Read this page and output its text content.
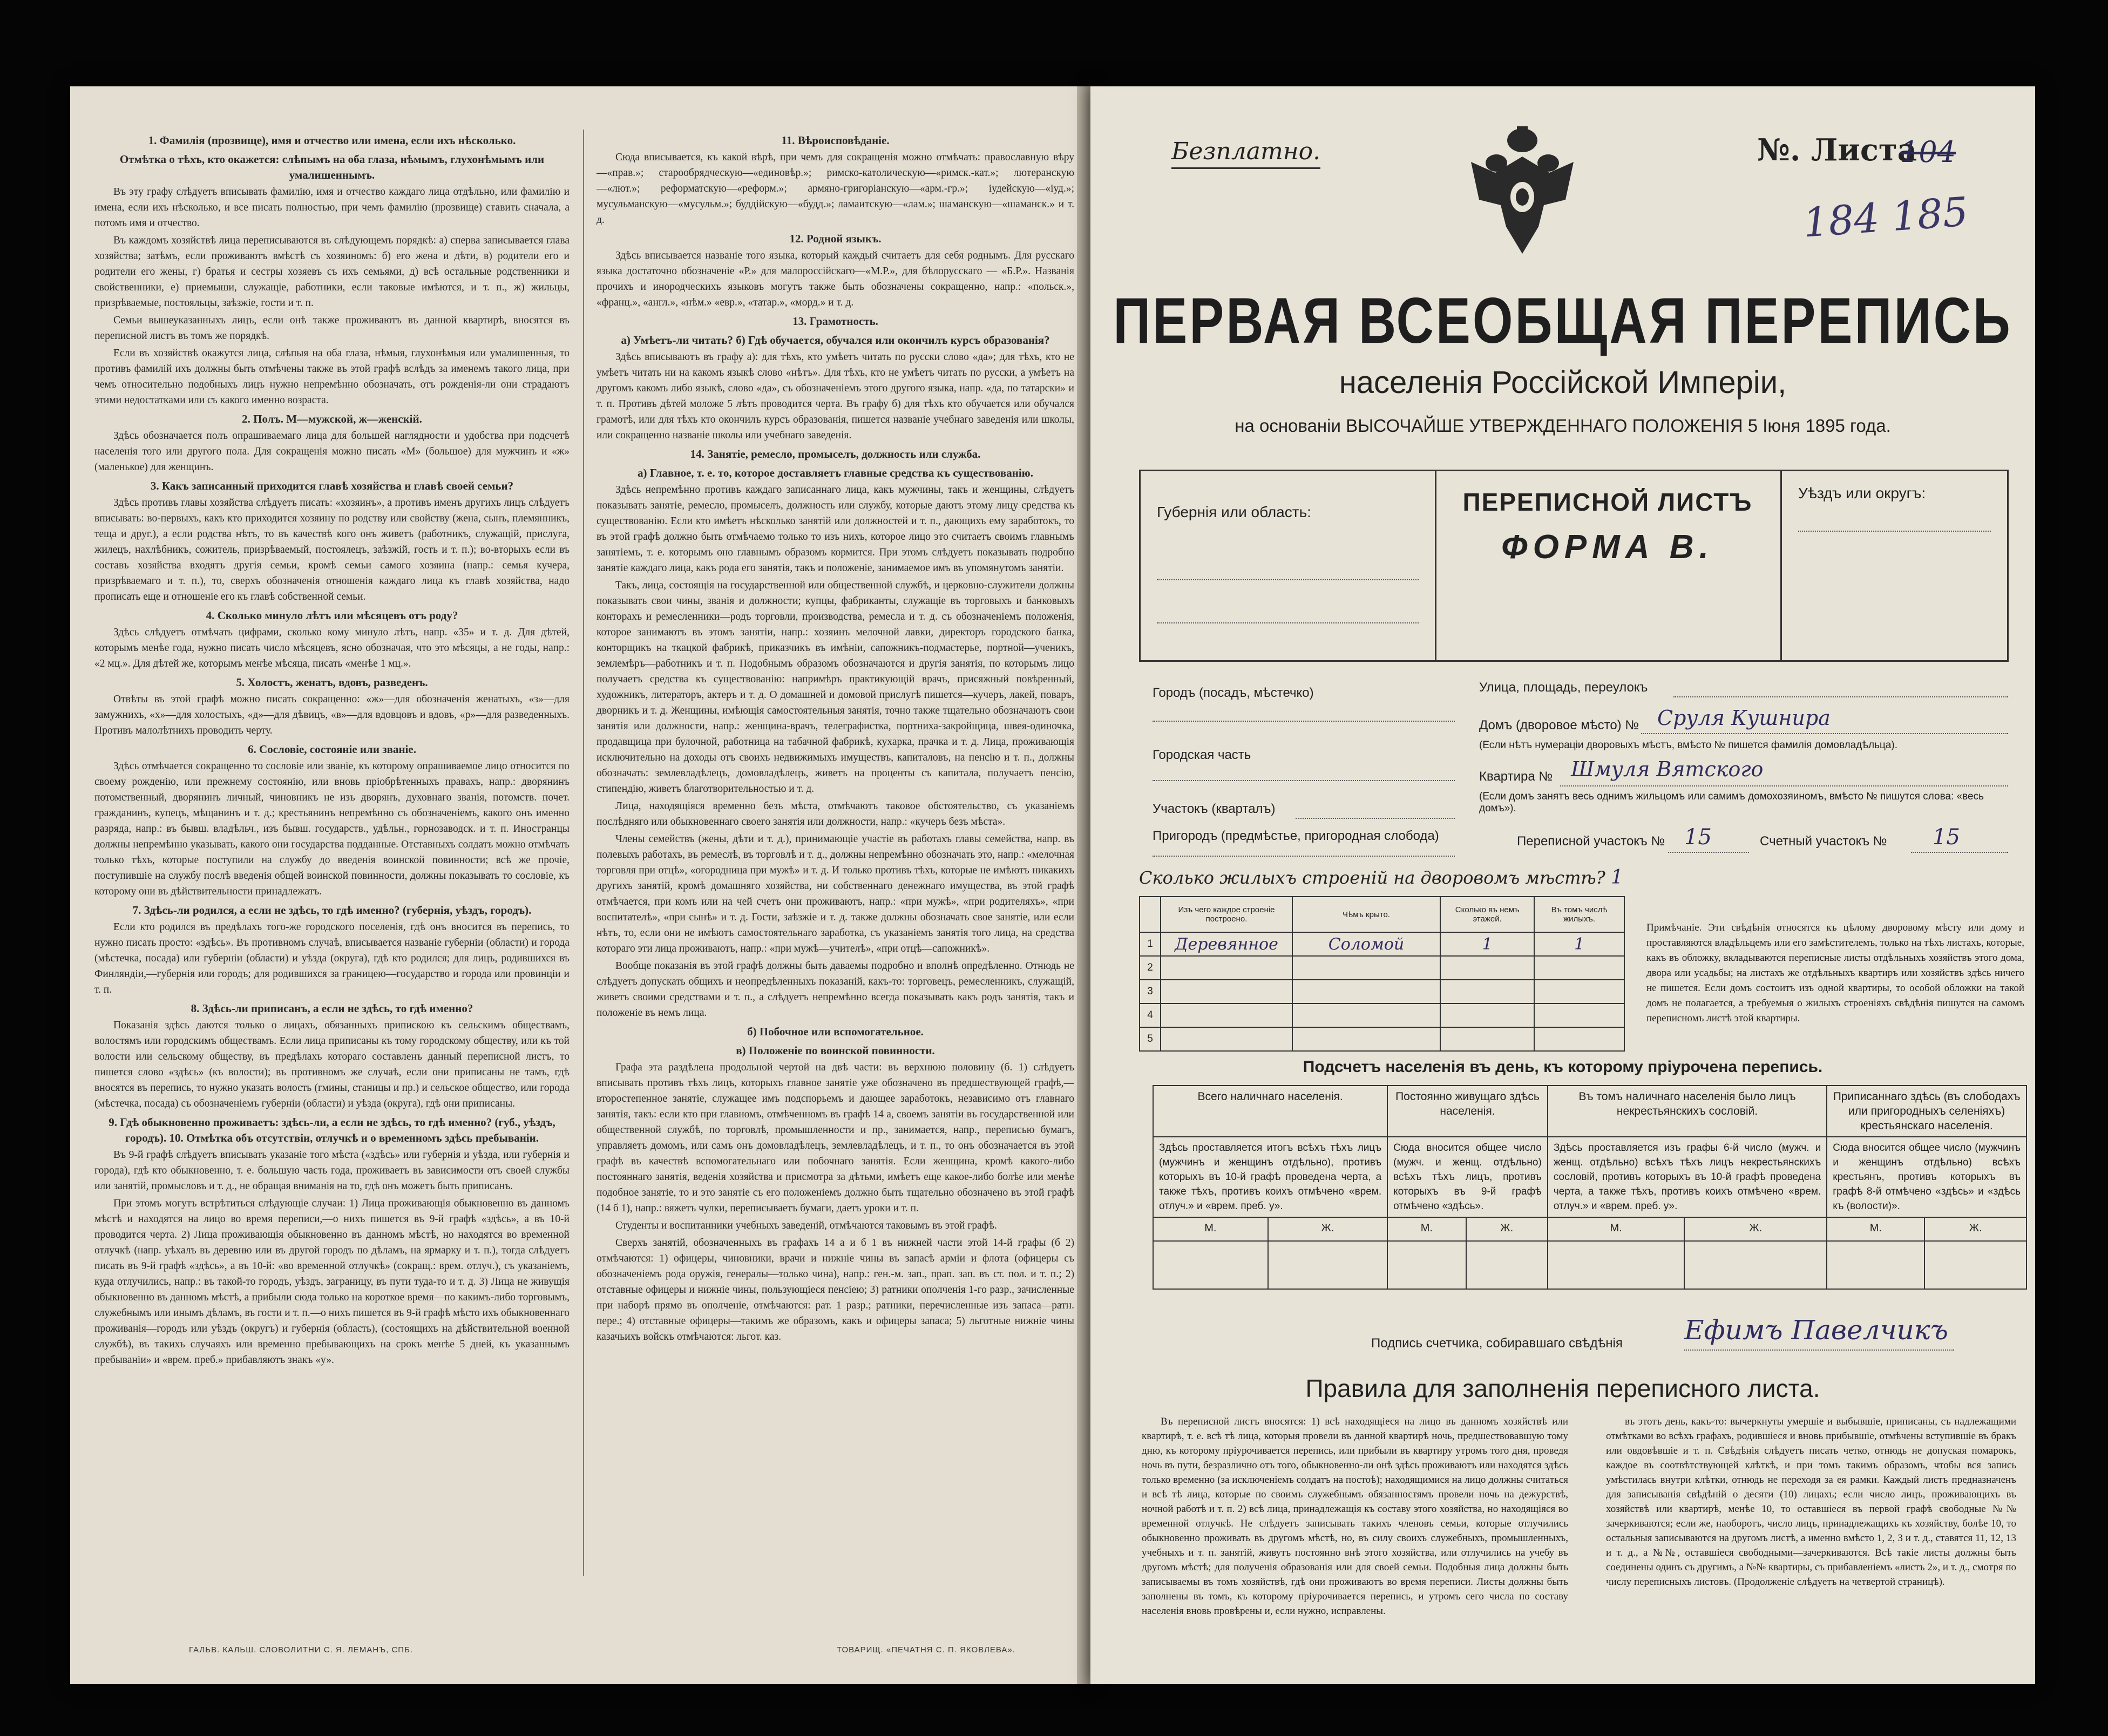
1. Фамилія (прозвище), имя и отчество или имена, если ихъ нѣсколько.
Отмѣтка о тѣхъ, кто окажется: слѣпымъ на оба глаза, нѣмымъ, глухонѣмымъ или умалишеннымъ.

Въ эту графу слѣдуетъ вписывать фамилію, имя и отчество каждаго лица отдѣльно, или фамилію и имена, если ихъ нѣсколько, и все писать полностью, при чемъ фамилію (прозвище) ставить сначала, а потомъ имя и отчество.

Въ каждомъ хозяйствѣ лица переписываются въ слѣдующемъ порядкѣ: а) сперва записывается глава хозяйства; затѣмъ, если проживаютъ вмѣстѣ съ хозяиномъ: б) его жена и дѣти, в) родители его и родители его жены, г) братья и сестры хозяевъ съ ихъ семьями, д) всѣ остальные родственники и свойственники, е) приемыши, служащіе, работники, если таковые имѣются, и т. п., ж) жильцы, призрѣваемые, постояльцы, заѣзжіе, гости и т. п.

Семьи вышеуказанныхъ лицъ, если онѣ также проживаютъ въ данной квартирѣ, вносятся въ переписной листъ въ томъ же порядкѣ.

Если въ хозяйствѣ окажутся лица, слѣпыя на оба глаза, нѣмыя, глухонѣмыя или умалишенныя, то противъ фамилій ихъ должны быть отмѣчены также въ этой графѣ вслѣдъ за именемъ такого лица, при чемъ относительно подобныхъ лицъ нужно непремѣнно обозначать, отъ рожденія-ли они страдаютъ этими недостатками или съ какого именно возраста.

2. Полъ. М—мужской, ж—женскій.

Здѣсь обозначается полъ опрашиваемаго лица для большей наглядности и удобства при подсчетѣ населенія того или другого пола. Для сокращенія можно писать «М» (большое) для мужчинъ и «ж» (маленькое) для женщинъ.

3. Какъ записанный приходится главѣ хозяйства и главѣ своей семьи?

Здѣсь противъ главы хозяйства слѣдуетъ писать: «хозяинъ», а противъ именъ другихъ лицъ слѣдуетъ вписывать: во-первыхъ, какъ кто приходится хозяину по родству или свойству (жена, сынъ, племянникъ, теща и друг.), а если родства нѣтъ, то въ качествѣ кого онъ живетъ (работникъ, служащій, прислуга, жилецъ, нахлѣбникъ, сожитель, призрѣваемый, постоялецъ, заѣзжій, гость и т. п.); во-вторыхъ если въ составъ хозяйства входятъ другія семьи, кромѣ семьи самого хозяина (напр.: семья кучера, призрѣваемаго и т. п.), то, сверхъ обозначенія отношенія каждаго лица къ главѣ хозяйства, надо прописать еще и отношеніе его къ главѣ собственной семьи.

4. Сколько минуло лѣтъ или мѣсяцевъ отъ роду?

Здѣсь слѣдуетъ отмѣчать цифрами, сколько кому минуло лѣтъ, напр. «35» и т. д. Для дѣтей, которымъ менѣе года, нужно писать число мѣсяцевъ, ясно обозначая, что это мѣсяцы, а не годы, напр.: «2 мц.». Для дѣтей же, которымъ менѣе мѣсяца, писать «менѣе 1 мц.».

5. Холостъ, женатъ, вдовъ, разведенъ.

Отвѣты въ этой графѣ можно писать сокращенно: «ж»—для обозначенія женатыхъ, «з»—для замужнихъ, «х»—для холостыхъ, «д»—для дѣвицъ, «в»—для вдовцовъ и вдовъ, «р»—для разведенныхъ. Противъ малолѣтнихъ проводить черту.

6. Сословіе, состояніе или званіе.

Здѣсь отмѣчается сокращенно то сословіе или званіе, къ которому опрашиваемое лицо относится по своему рожденію, или прежнему состоянію, или вновь пріобрѣтенныхъ правахъ, напр.: дворянинъ потомственный, дворянинъ личный, чиновникъ не изъ дворянъ, духовнаго званія, потомств. почет. гражданинъ, купецъ, мѣщанинъ и т. д.; крестьянинъ непремѣнно съ обозначеніемъ, какого онъ именно разряда, напр.: въ бывш. владѣльч., изъ бывш. государств., удѣльн., горнозаводск. и т. п. Иностранцы должны непремѣнно указывать, какого они государства подданные. Отставныхъ солдатъ можно отмѣчать только тѣхъ, которые поступили на службу до введенія воинской повинности; всѣ же прочіе, поступившіе на службу послѣ введенія общей воинской повинности, должны показывать то сословіе, къ которому они въ дѣйствительности принадлежатъ.

7. Здѣсь-ли родился, а если не здѣсь, то гдѣ именно? (губернія, уѣздъ, городъ).

Если кто родился въ предѣлахъ того-же городского поселенія, гдѣ онъ вносится въ перепись, то нужно писать просто: «здѣсь». Въ противномъ случаѣ, вписывается названіе губерніи (области) и города (мѣстечка, посада) или губерніи (области) и уѣзда (округа), гдѣ кто родился; для лицъ, родившихся въ Финляндіи,—губернія или городъ; для родившихся за границею—государство и города или провинціи и т. п.

8. Здѣсь-ли приписанъ, а если не здѣсь, то гдѣ именно?

Показанія здѣсь даются только о лицахъ, обязанныхъ припискою къ сельскимъ обществамъ, волостямъ или городскимъ обществамъ. Если лица приписаны къ тому городскому обществу, или къ той волости или сельскому обществу, въ предѣлахъ котораго составленъ данный переписной листъ, то пишется слово «здѣсь» (къ волости); въ противномъ же случаѣ, если они приписаны не тамъ, гдѣ вносятся въ перепись, то нужно указать волость (гмины, станицы и пр.) и сельское общество, или города (мѣстечка, посада) съ обозначеніемъ губерніи (области) и уѣзда (округа), гдѣ они приписаны.

9. Гдѣ обыкновенно проживаетъ: здѣсь-ли, а если не здѣсь, то гдѣ именно? (губ., уѣздъ, городъ). 10. Отмѣтка объ отсутствіи, отлучкѣ и о временномъ здѣсь пребываніи.

Въ 9-й графѣ слѣдуетъ вписывать указаніе того мѣста («здѣсь» или губернія и уѣзда, или губернія и города), гдѣ кто обыкновенно, т. е. большую часть года, проживаетъ въ зависимости отъ своей службы или занятій, промысловъ и т. д., не обращая вниманія на то, гдѣ онъ можетъ быть приписанъ.

При этомъ могутъ встрѣтиться слѣдующіе случаи: 1) Лица проживающія обыкновенно въ данномъ мѣстѣ и находятся на лицо во время переписи,—о нихъ пишется въ 9-й графѣ «здѣсь», а въ 10-й проводится черта. 2) Лица проживающія обыкновенно въ данномъ мѣстѣ, но находятся во временной отлучкѣ (напр. уѣхалъ въ деревню или въ другой городъ по дѣламъ, на ярмарку и т. п.), тогда слѣдуетъ писать въ 9-й графѣ «здѣсь», а въ 10-й: «во временной отлучкѣ» (сокращ.: врем. отлуч.), съ указаніемъ, куда отлучились, напр.: въ такой-то городъ, уѣздъ, заграницу, въ пути туда-то и т. д. 3) Лица не живущія обыкновенно въ данномъ мѣстѣ, а прибыли сюда только на короткое время—по какимъ-либо торговымъ, служебнымъ или инымъ дѣламъ, въ гости и т. п.—о нихъ пишется въ 9-й графѣ мѣсто ихъ обыкновеннаго проживанія—городъ или уѣздъ (округъ) и губернія (область), (состоящихъ на дѣйствительной военной службѣ), въ такихъ случаяхъ или временно пребывающихъ на срокъ менѣе 5 дней, къ указаннымъ пребываніи» и «врем. преб.» прибавляютъ знакъ «у».

11. Вѣроисповѣданіе.

Сюда вписывается, къ какой вѣрѣ, при чемъ для сокращенія можно отмѣчать: православную вѣру—«прав.»; старообрядческую—«единовѣр.»; римско-католическую—«римск.-кат.»; лютеранскую—«лют.»; реформатскую—«реформ.»; армяно-григоріанскую—«арм.-гр.»; іудейскую—«іуд.»; мусульманскую—«мусульм.»; буддійскую—«будд.»; ламаитскую—«лам.»; шаманскую—«шаманск.» и т. д.

12. Родной языкъ.

Здѣсь вписывается названіе того языка, который каждый считаетъ для себя роднымъ. Для русскаго языка достаточно обозначеніе «Р.» для малороссійскаго—«М.Р.», для бѣлорусскаго — «Б.Р.». Названія прочихъ и инородческихъ языковъ могутъ также быть обозначены сокращенно, напр.: «польск.», «франц.», «англ.», «нѣм.» «евр.», «татар.», «морд.» и т. д.

13. Грамотность.
а) Умѣетъ-ли читать? б) Гдѣ обучается, обучался или окончилъ курсъ образованія?

Здѣсь вписываютъ въ графу а): для тѣхъ, кто умѣетъ читать по русски слово «да»; для тѣхъ, кто не умѣетъ читать ни на какомъ языкѣ слово «нѣтъ». Для тѣхъ, кто не умѣетъ читать по русски, а умѣетъ на другомъ какомъ либо языкѣ, слово «да», съ обозначеніемъ этого другого языка, напр. «да, по татарски» и т. п. Противъ дѣтей моложе 5 лѣтъ проводится черта. Въ графу б) для тѣхъ кто обучается или обучался грамотѣ, или для тѣхъ кто окончилъ курсъ образованія, пишется названіе учебнаго заведенія или школы, или сокращенно названіе школы или учебнаго заведенія.

14. Занятіе, ремесло, промыселъ, должность или служба.
а) Главное, т. е. то, которое доставляетъ главные средства къ существованію.

Здѣсь непремѣнно противъ каждаго записаннаго лица, какъ мужчины, такъ и женщины, слѣдуетъ показывать занятіе, ремесло, промыселъ, должность или службу, которые даютъ этому лицу средства къ существованію. Если кто имѣетъ нѣсколько занятій или должностей и т. п., дающихъ ему заработокъ, то въ этой графѣ должно быть отмѣчаемо только то изъ нихъ, которое лицо это считаетъ своимъ главнымъ занятіемъ, т. е. которымъ оно главнымъ образомъ кормится. При этомъ слѣдуетъ показывать подробно занятіе каждаго лица, какъ рода его занятія, такъ и положеніе, занимаемое имъ въ упомянутомъ занятіи.

Такъ, лица, состоящія на государственной или общественной службѣ, и церковно-служители должны показывать свои чины, званія и должности; купцы, фабриканты, служащіе въ торговыхъ и банковыхъ конторахъ и ремесленники—родъ торговли, производства, ремесла и т. д. съ обозначеніемъ положенія, которое занимаютъ въ этомъ занятіи, напр.: хозяинъ мелочной лавки, директоръ городского банка, конторщикъ на ткацкой фабрикѣ, приказчикъ въ имѣніи, сапожникъ-подмастерье, портной—ученикъ, землемѣръ—работникъ и т. п. Подобнымъ образомъ обозначаются и другія занятія, по которымъ лицо получаетъ средства къ существованію: напримѣръ практикующій врачъ, присяжный повѣренный, художникъ, литераторъ, актеръ и т. д. О домашней и домовой прислугѣ пишется—кучеръ, лакей, поваръ, дворникъ и т. д. Женщины, имѣющія самостоятельныя занятія, точно также тщательно обозначаютъ свои занятія или должности, напр.: женщина-врачъ, телеграфистка, портниха-закройщица, швея-одиночка, продавщица при булочной, работница на табачной фабрикѣ, кухарка, прачка и т. д. Лица, проживающія исключительно на доходы отъ своихъ недвижимыхъ имуществъ, капиталовъ, на пенсію и т. п., должны обозначать: землевладѣлецъ, домовладѣлецъ, живетъ на проценты съ капитала, получаетъ пенсію, стипендію, живетъ благотворительностью и т. д.

Лица, находящіяся временно безъ мѣста, отмѣчаютъ таковое обстоятельство, съ указаніемъ послѣдняго или обыкновеннаго своего занятія или должности, напр.: «кучеръ безъ мѣста».

Члены семействъ (жены, дѣти и т. д.), принимающіе участіе въ работахъ главы семейства, напр. въ полевыхъ работахъ, въ ремеслѣ, въ торговлѣ и т. д., должны непремѣнно обозначать это, напр.: «мелочная торговля при отцѣ», «огородница при мужѣ» и т. д. И только противъ тѣхъ, которые не имѣютъ никакихъ другихъ занятій, кромѣ домашняго хозяйства, ни собственнаго денежнаго имущества, въ этой графѣ отмѣчается, при комъ или на чей счетъ они проживаютъ, напр.: «при мужѣ», «при родителяхъ», «при воспитателѣ», «при сынѣ» и т. д. Гости, заѣзжіе и т. д. также должны обозначать свое занятіе, или если нѣтъ, то, если они не имѣютъ самостоятельнаго заработка, съ указаніемъ занятія того лица, на средства котораго эти лица проживаютъ, напр.: «при мужѣ—учителѣ», «при отцѣ—сапожникѣ».

Вообще показанія въ этой графѣ должны быть даваемы подробно и вполнѣ опредѣленно. Отнюдь не слѣдуетъ допускать общихъ и неопредѣленныхъ показаній, какъ-то: торговецъ, ремесленникъ, служащій, живетъ своими средствами и т. п., а слѣдуетъ непремѣнно всегда показывать какъ родъ занятія, такъ и положеніе въ немъ лица.

б) Побочное или вспомогательное.
в) Положеніе по воинской повинности.

Графа эта раздѣлена продольной чертой на двѣ части: въ верхнюю половину (б. 1) слѣдуетъ вписывать противъ тѣхъ лицъ, которыхъ главное занятіе уже обозначено въ предшествующей графѣ,—второстепенное занятіе, служащее имъ подспорьемъ и дающее заработокъ, независимо отъ главнаго занятія, такъ: если кто при главномъ, отмѣченномъ въ графѣ 14 а, своемъ занятіи въ государственной или общественной службѣ, по торговлѣ, промышленности и пр., занимается, напр., переписью бумагъ, управляетъ домомъ, или самъ онъ домовладѣлецъ, землевладѣлецъ, и т. п., то онъ обозначается въ этой графѣ въ качествѣ вспомогательнаго или побочнаго занятія. Если женщина, кромѣ какого-либо постояннаго занятія, веденія хозяйства и присмотра за дѣтьми, имѣетъ еще какое-либо болѣе или менѣе подобное занятіе, то и это занятіе съ его положеніемъ должно быть тщательно обозначено въ этой графѣ (14 б 1), напр.: вяжетъ чулки, переписываетъ бумаги, даетъ уроки и т. п.

Студенты и воспитанники учебныхъ заведеній, отмѣчаются таковымъ въ этой графѣ.

Сверхъ занятій, обозначенныхъ въ графахъ 14 а и б 1 въ нижней части этой 14-й графы (б 2) отмѣчаются: 1) офицеры, чиновники, врачи и нижніе чины въ запасѣ арміи и флота (офицеры съ обозначеніемъ рода оружія, генералы—только чина), напр.: ген.-м. зап., прап. зап. въ ст. пол. и т. п.; 2) отставные офицеры и нижніе чины, пользующіеся пенсіею; 3) ратники ополченія 1-го разр., зачисленные при наборѣ прямо въ ополченіе, отмѣчаются: рат. 1 разр.; ратники, перечисленные изъ запаса—ратн. пере.; 4) отставные офицеры—такимъ же образомъ, какъ и офицеры запаса; 5) льготные нижніе чины казачьихъ войскъ отмѣчаются: льгот. каз.

ГАЛЬВ. КАЛЬШ. СЛОВОЛИТНИ С. Я. ЛЕМАНЪ, СПБ.	ТОВАРИЩ. «ПЕЧАТНЯ С. П. ЯКОВЛЕВА».
Безплатно.	№. Листа
104
184 185
ПЕРВАЯ ВСЕОБЩАЯ ПЕРЕПИСЬ
населенія Россійской Имперіи,
на основаніи ВЫСОЧАЙШЕ УТВЕРЖДЕННАГО ПОЛОЖЕНІЯ 5 Іюня 1895 года.
Губернія или область:	ПЕРЕПИСНОЙ ЛИСТЪ
ФОРМА В.
Уѣздъ или округъ:
Улица, площадь, переулокъ
Городъ (посадъ, мѣстечко)
Домъ (дворовое мѣсто) № Сруля Кушнира
(Если нѣтъ нумераціи дворовыхъ мѣстъ, вмѣсто № пишется фамилія домовладѣльца).
Городская часть
Квартира № Шмуля Вятского
(Если домъ занятъ весь однимъ жильцомъ или самимъ домохозяиномъ, вмѣсто № пишутся слова: «весь домъ»).
Участокъ (кварталъ)
Пригородъ (предмѣстье, пригородная слобода)	Переписной участокъ № 15	Счетный участокъ № 15
Сколько жилыхъ строеній на дворовомъ мѣстѣ? 1
	Изъ чего каждое строеніе построено.	Чѣмъ крыто.	Сколько въ немъ этажей.	Въ томъ числѣ жилыхъ.
1	Деревянное	Соломой	1	1
2				
3				
4				
5				
Примѣчаніе. Эти свѣдѣнія относятся къ цѣлому дворовому мѣсту или дому и проставляются владѣльцемъ или его замѣстителемъ, только на тѣхъ листахъ, которые, какъ въ обложку, вкладываются переписные листы отдѣльныхъ хозяйствъ этого дома, двора или усадьбы; на листахъ же отдѣльныхъ квартиръ или хозяйствъ здѣсь ничего не пишется. Если домъ состоитъ изъ одной квартиры, то особой обложки на такой домъ не полагается, а требуемыя о жилыхъ строеніяхъ свѣдѣнія пишутся на самомъ переписномъ листѣ этой квартиры.
Подсчетъ населенія въ день, къ которому пріурочена перепись.
Всего наличнаго населенія.		Постоянно живущаго здѣсь населенія.		Въ томъ наличнаго населенія было лицъ некрестьянскихъ сословій.		Приписаннаго здѣсь (въ слободахъ или пригородныхъ селеніяхъ) крестьянскаго населенія.	
Здѣсь проставляется итогъ всѣхъ тѣхъ лицъ (мужчинъ и женщинъ отдѣльно), противъ которыхъ въ 10-й графѣ проведена черта, а также тѣхъ, противъ коихъ отмѣчено «врем. отлуч.» и «врем. преб. у».		Сюда вносится общее число (мужч. и женщ. отдѣльно) всѣхъ тѣхъ лицъ, противъ которыхъ въ 9-й графѣ отмѣчено «здѣсь».		Здѣсь проставляется изъ графы 6-й число (мужч. и женщ. отдѣльно) всѣхъ тѣхъ лицъ некрестьянскихъ сословій, противъ которыхъ въ 10-й графѣ проведена черта, а также тѣхъ, противъ коихъ отмѣчено «врем. отлуч.» и «врем. преб. у».		Сюда вносится общее число (мужчинъ и женщинъ отдѣльно) всѣхъ крестьянъ, противъ которыхъ въ графѣ 8-й отмѣчено «здѣсь» и «здѣсь къ (волости)».	
М.	Ж.	М.	Ж.	М.	Ж.	М.	Ж.

Подпись счетчика, собиравшаго свѣдѣнія Ефимъ Павелчикъ
Правила для заполненія переписного листа.

Въ переписной листъ вносятся: 1) всѣ находящіеся на лицо въ данномъ хозяйствѣ или квартирѣ, т. е. всѣ тѣ лица, которыя провели въ данной квартирѣ ночь, предшествовавшую тому дню, къ которому пріурочивается перепись, или прибыли въ квартиру утромъ того дня, проведя ночь въ пути, безразлично отъ того, обыкновенно-ли онѣ здѣсь проживаютъ или находятся здѣсь только временно (за исключеніемъ солдатъ на постоѣ); находящимися на лицо должны считаться и всѣ тѣ лица, которые по своимъ служебнымъ обязанностямъ провели ночь на дежурствѣ, ночной работѣ и т. п. 2) всѣ лица, принадлежащія къ составу этого хозяйства, но находящіяся во временной отлучкѣ. Не слѣдуетъ записывать такихъ членовъ семьи, которые отлучились обыкновенно проживать въ другомъ мѣстѣ, но, въ силу своихъ служебныхъ, промышленныхъ, учебныхъ и т. п. занятій, живутъ постоянно внѣ этого хозяйства, или отлучились на учебу въ другомъ мѣстѣ; для полученія образованія или для своей семьи. Подобныя лица должны быть записываемы въ томъ хозяйствѣ, гдѣ они проживаютъ во время переписи. Листы должны быть заполнены въ томъ, къ которому пріурочивается перепись, и утромъ сего числа по составу населенія вновь провѣрены и, если нужно, исправлены.

въ этотъ день, какъ-то: вычеркнуты умершіе и выбывшіе, приписаны, съ надлежащими отмѣтками во всѣхъ графахъ, родившіеся и вновь прибывшіе, отмѣчены вступившіе въ бракъ или овдовѣвшіе и т. п. Свѣдѣнія слѣдуетъ писать четко, отнюдь не допуская помарокъ, каждое въ соотвѣтствующей клѣткѣ, и при томъ такимъ образомъ, чтобы вся запись умѣстилась внутри клѣтки, отнюдь не переходя за ея рамки. Каждый листъ предназначенъ для записыванія свѣдѣній о десяти (10) лицахъ; если число лицъ, проживающихъ въ хозяйствѣ или квартирѣ, менѣе 10, то оставшіеся въ первой графѣ свободные №№ зачеркиваются; если же, наоборотъ, число лицъ, принадлежащихъ къ хозяйству, болѣе 10, то остальныя записываются на другомъ листѣ, а именно вмѣсто 1, 2, 3 и т. д., ставятся 11, 12, 13 и т. д., а №№, оставшіеся свободными—зачеркиваются. Всѣ такіе листы должны быть соединены одинъ съ другимъ, а №№ квартиры, съ прибавленіемъ «листъ 2», и т. д., смотря по числу переписныхъ листовъ. (Продолженіе слѣдуетъ на четвертой страницѣ).
